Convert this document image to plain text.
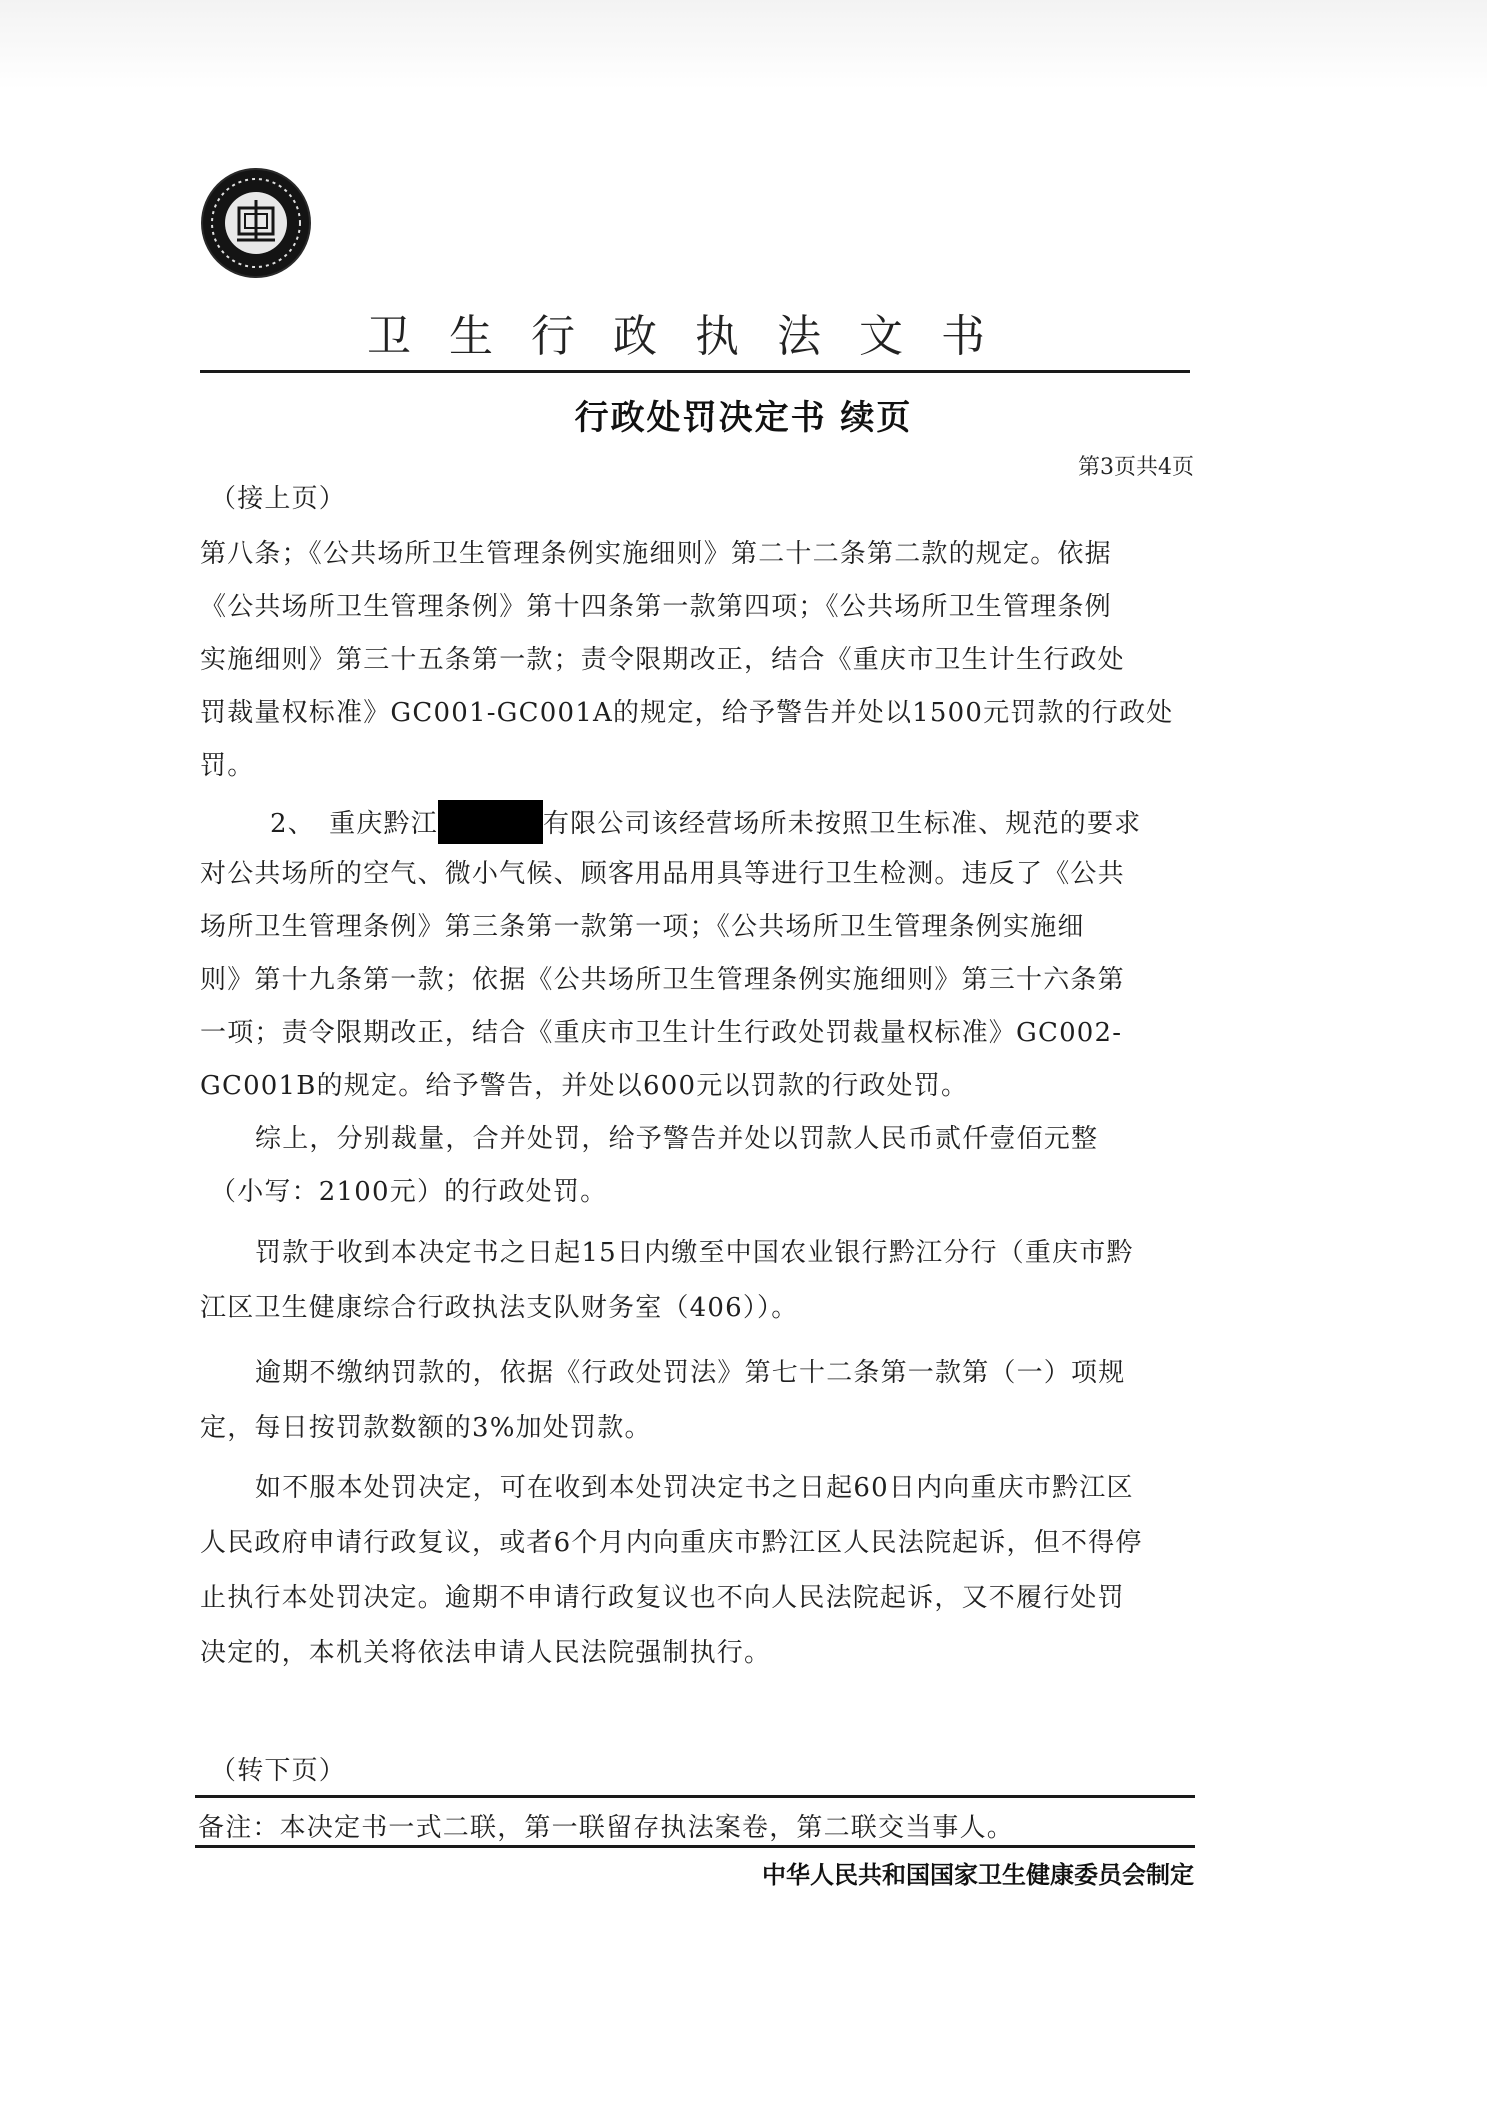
卫生行政执法文书
行政处罚决定书 续页
第3页共4页
（接上页）
第八条；《公共场所卫生管理条例实施细则》第二十二条第二款的规定。依据
《公共场所卫生管理条例》第十四条第一款第四项；《公共场所卫生管理条例
实施细则》第三十五条第一款；责令限期改正，结合《重庆市卫生计生行政处
罚裁量权标准》GC001-GC001A的规定，给予警告并处以1500元罚款的行政处
罚。
2、　重庆黔江	有限公司该经营场所未按照卫生标准、规范的要求
对公共场所的空气、微小气候、顾客用品用具等进行卫生检测。违反了《公共
场所卫生管理条例》第三条第一款第一项；《公共场所卫生管理条例实施细
则》第十九条第一款；依据《公共场所卫生管理条例实施细则》第三十六条第
一项；责令限期改正，结合《重庆市卫生计生行政处罚裁量权标准》GC002-
GC001B的规定。给予警告，并处以600元以罚款的行政处罚。
综上，分别裁量，合并处罚，给予警告并处以罚款人民币贰仟壹佰元整
（小写：2100元）的行政处罚。
罚款于收到本决定书之日起15日内缴至中国农业银行黔江分行（重庆市黔
江区卫生健康综合行政执法支队财务室（406））。
逾期不缴纳罚款的，依据《行政处罚法》第七十二条第一款第（一）项规
定，每日按罚款数额的3%加处罚款。
如不服本处罚决定，可在收到本处罚决定书之日起60日内向重庆市黔江区
人民政府申请行政复议，或者6个月内向重庆市黔江区人民法院起诉，但不得停
止执行本处罚决定。逾期不申请行政复议也不向人民法院起诉，又不履行处罚
决定的，本机关将依法申请人民法院强制执行。
（转下页）
备注：本决定书一式二联，第一联留存执法案卷，第二联交当事人。
中华人民共和国国家卫生健康委员会制定
